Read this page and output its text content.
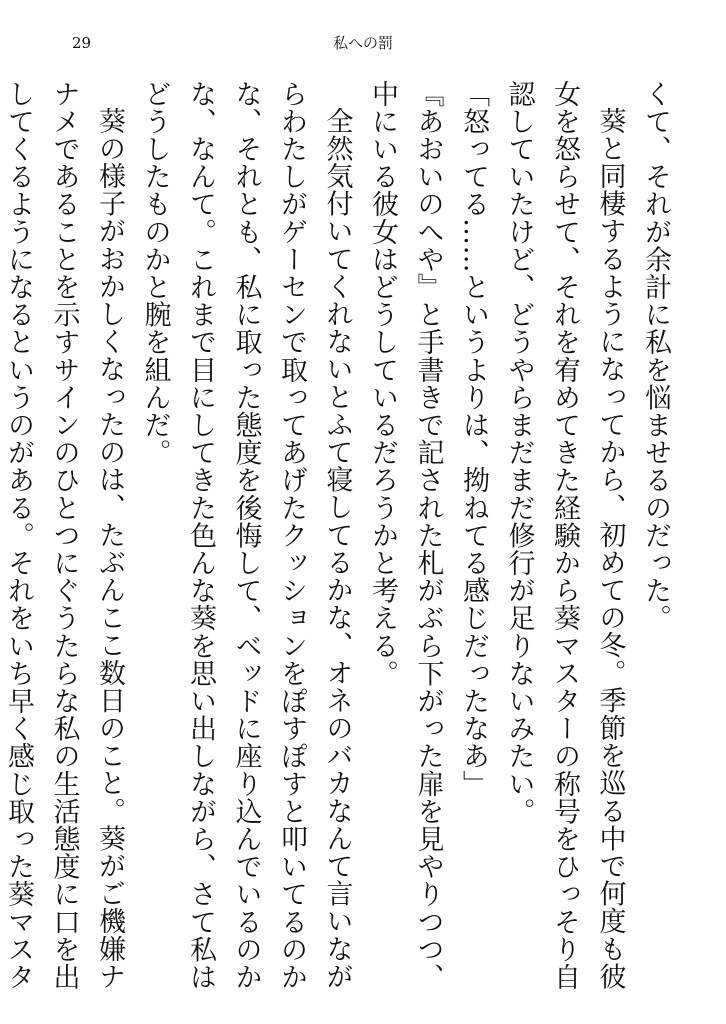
29	私への罰

くて、それが余計に私を悩ませるのだった。

葵と同棲するようになってから、初めての冬。季節を巡る中で何度も彼女を怒らせて、それを宥めてきた経験から葵マスターの称号をひっそり自認していたけど、どうやらまだまだ修行が足りないみたい。

「怒ってる……というよりは、拗ねてる感じだったなあ」

『あおいのへや』と手書きで記された札がぶら下がった扉を見やりつつ、中にいる彼女はどうしているだろうかと考える。

全然気付いてくれないとふて寝してるかな、オネのバカなんて言いながらわたしがゲーセンで取ってあげたクッションをぽすぽすと叩いてるのかな、それとも、私に取った態度を後悔して、ベッドに座り込んでいるのかな、なんて。これまで目にしてきた色んな葵を思い出しながら、さて私はどうしたものかと腕を組んだ。

葵の様子がおかしくなったのは、たぶんここ数日のこと。葵がご機嫌ナナメであることを示すサインのひとつにぐうたらな私の生活態度に口を出してくるようになるというのがある。それをいち早く感じ取った葵マスタ
